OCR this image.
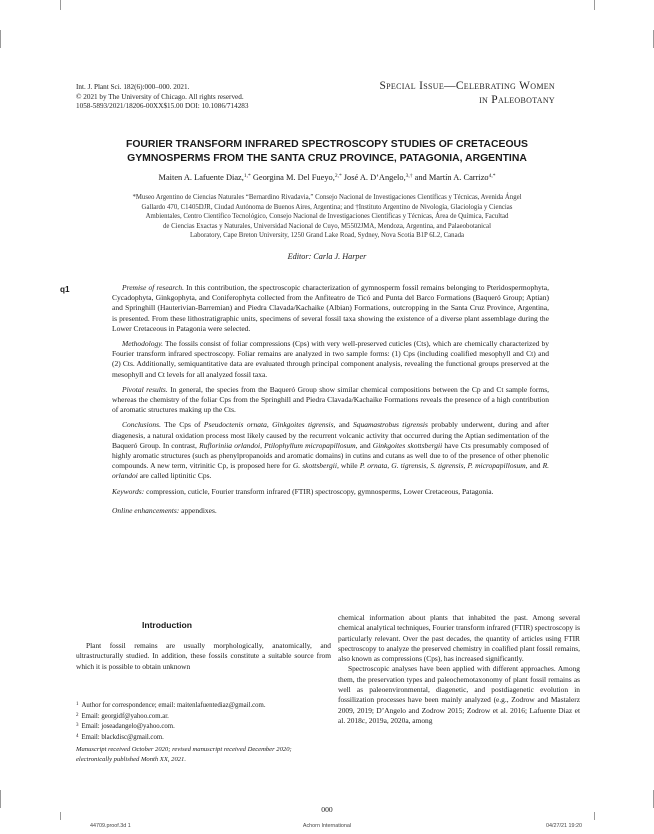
Int. J. Plant Sci. 182(6):000–000. 2021.
© 2021 by The University of Chicago. All rights reserved.
1058-5893/2021/18206-00XX$15.00 DOI: 10.1086/714283
Special Issue—Celebrating Women
in Paleobotany
FOURIER TRANSFORM INFRARED SPECTROSCOPY STUDIES OF CRETACEOUS
GYMNOSPERMS FROM THE SANTA CRUZ PROVINCE, PATAGONIA, ARGENTINA
Maiten A. Lafuente Diaz,$^{1,*}$ Georgina M. Del Fueyo,$^{2,*}$ José A. D’Angelo,$^{3,\dagger}$ and Martín A. Carrizo$^{4,*}$
*Museo Argentino de Ciencias Naturales “Bernardino Rivadavia,” Consejo Nacional de Investigaciones Científicas y Técnicas, Avenida Ángel
Gallardo 470, C1405DJR, Ciudad Autónoma de Buenos Aires, Argentina; and †Instituto Argentino de Nivología, Glaciología y Ciencias
Ambientales, Centro Científico Tecnológico, Consejo Nacional de Investigaciones Científicas y Técnicas, Área de Química, Facultad
de Ciencias Exactas y Naturales, Universidad Nacional de Cuyo, M5502JMA, Mendoza, Argentina, and Palaeobotanical
Laboratory, Cape Breton University, 1250 Grand Lake Road, Sydney, Nova Scotia B1P 6L2, Canada
Editor: Carla J. Harper
q1	Premise of research. In this contribution, the spectroscopic characterization of gymnosperm fossil remains belonging to Pteridospermophyta, Cycadophyta, Ginkgophyta, and Coniferophyta collected from the Anfiteatro de Ticó and Punta del Barco Formations (Baqueró Group; Aptian) and Springhill (Hauterivian-Barremian) and Piedra Clavada/Kachaike (Albian) Formations, outcropping in the Santa Cruz Province, Argentina, is presented. From these lithostratigraphic units, specimens of several fossil taxa showing the existence of a diverse plant assemblage during the Lower Cretaceous in Patagonia were selected.

Methodology. The fossils consist of foliar compressions (Cps) with very well-preserved cuticles (Cts), which are chemically characterized by Fourier transform infrared spectroscopy. Foliar remains are analyzed in two sample forms: (1) Cps (including coalified mesophyll and Ct) and (2) Cts. Additionally, semiquantitative data are evaluated through principal component analysis, revealing the functional groups preserved at the mesophyll and Ct levels for all analyzed fossil taxa.

Pivotal results. In general, the species from the Baqueró Group show similar chemical compositions between the Cp and Ct sample forms, whereas the chemistry of the foliar Cps from the Springhill and Piedra Clavada/Kachaike Formations reveals the presence of a high contribution of aromatic structures making up the Cts.

Conclusions. The Cps of Pseudoctenis ornata, Ginkgoites tigrensis, and Squamastrobus tigrensis probably underwent, during and after diagenesis, a natural oxidation process most likely caused by the recurrent volcanic activity that occurred during the Aptian sedimentation of the Baqueró Group. In contrast, Rufloriniia orlandoi, Ptilophyllum micropapillosum, and Ginkgoites skottsbergii have Cts presumably composed of highly aromatic structures (such as phenylpropanoids and aromatic domains) in cutins and cutans as well due to of the presence of other phenolic compounds. A new term, vitrinitic Cp, is proposed here for G. skottsbergii, while P. ornata, G. tigrensis, S. tigrensis, P. micropapillosum, and R. orlandoi are called liptinitic Cps.

Keywords: compression, cuticle, Fourier transform infrared (FTIR) spectroscopy, gymnosperms, Lower Cretaceous, Patagonia.

Online enhancements: appendixes.

Introduction

Plant fossil remains are usually morphologically, anatomically, and ultrastructurally studied. In addition, these fossils constitute a suitable source from which it is possible to obtain unknown

chemical information about plants that inhabited the past. Among several chemical analytical techniques, Fourier transform infrared (FTIR) spectroscopy is particularly relevant. Over the past decades, the quantity of articles using FTIR spectroscopy to analyze the preserved chemistry in coalified plant fossil remains, also known as compressions (Cps), has increased significantly.

Spectroscopic analyses have been applied with different approaches. Among them, the preservation types and paleochemotaxonomy of plant fossil remains as well as paleoenvironmental, diagenetic, and postdiagenetic evolution in fossilization processes have been mainly analyzed (e.g., Zodrow and Mastalerz 2009, 2019; D’Angelo and Zodrow 2015; Zodrow et al. 2016; Lafuente Diaz et al. 2018c, 2019a, 2020a, among

$^1$ Author for correspondence; email: maitenlafuentediaz@gmail.com.
$^2$ Email: georgidf@yahoo.com.ar.
$^3$ Email: joseadangelo@yahoo.com.
$^4$ Email: blackdisc@gmail.com.
Manuscript received October 2020; revised manuscript received December 2020;
electronically published Month XX, 2021.
000
44709.proof.3d 1	Achorn International	04/27/21 19:20
